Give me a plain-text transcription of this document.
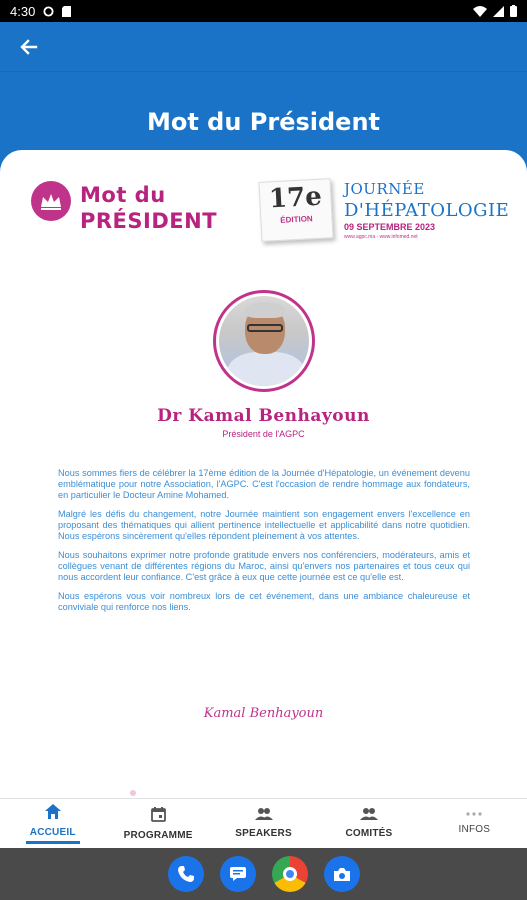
4:30
Mot du Président
Mot du
PRÉSIDENT
17e
ÉDITION
JOURNÉE
D'HÉPATOLOGIE
09 SEPTEMBRE 2023
www.agpc.ma - www.infomed.net
Dr Kamal Benhayoun
Président de l'AGPC

Nous sommes fiers de célébrer la 17ème édition de la Journée d'Hépatologie, un événement devenu emblématique pour notre Association, l'AGPC. C'est l'occasion de rendre hommage aux fondateurs, en particulier le Docteur Amine Mohamed.

Malgré les défis du changement, notre Journée maintient son engagement envers l'excellence en proposant des thématiques qui allient pertinence intellectuelle et applicabilité dans notre quotidien. Nous espérons sincèrement qu'elles répondent pleinement à vos attentes.

Nous souhaitons exprimer notre profonde gratitude envers nos conférenciers, modérateurs, amis et collègues venant de différentes régions du Maroc, ainsi qu'envers nos partenaires et tous ceux qui nous accordent leur confiance. C'est grâce à eux que cette journée est ce qu'elle est.

Nous espérons vous voir nombreux lors de cet événement, dans une ambiance chaleureuse et conviviale qui renforce nos liens.

Kamal Benhayoun
ACCUEIL	PROGRAMME	SPEAKERS	COMITÉS	INFOS
